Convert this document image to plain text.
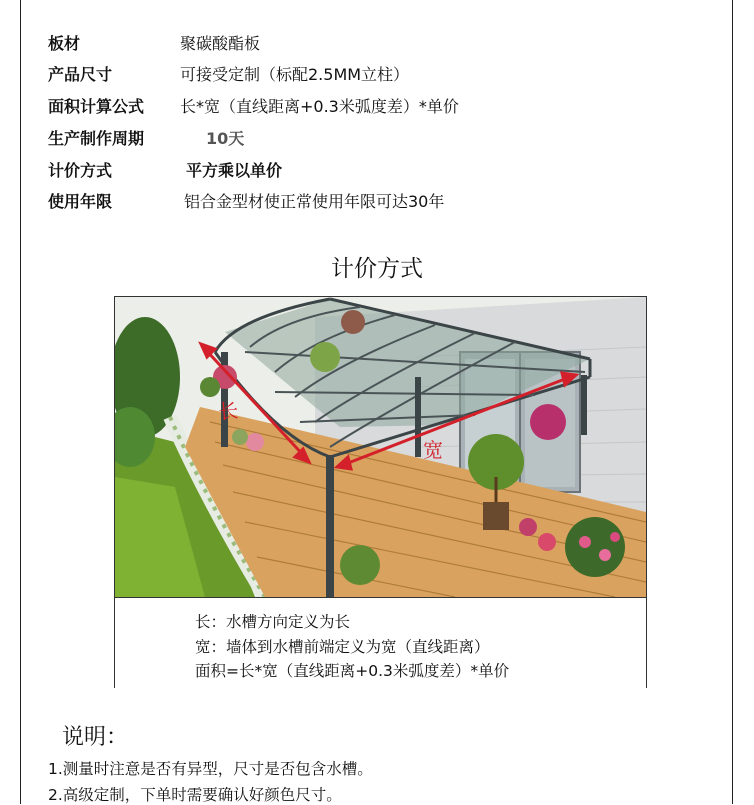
板材	聚碳酸酯板
产品尺寸	可接受定制（标配2.5MM立柱）
面积计算公式	长*宽（直线距离+0.3米弧度差）*单价
生产制作周期	10天
计价方式	平方乘以单价
使用年限	铝合金型材使正常使用年限可达30年
计价方式
长
宽
长：水槽方向定义为长
宽：墙体到水槽前端定义为宽（直线距离）
面积=长*宽（直线距离+0.3米弧度差）*单价
说明：
1.测量时注意是否有异型，尺寸是否包含水槽。
2.高级定制，下单时需要确认好颜色尺寸。
